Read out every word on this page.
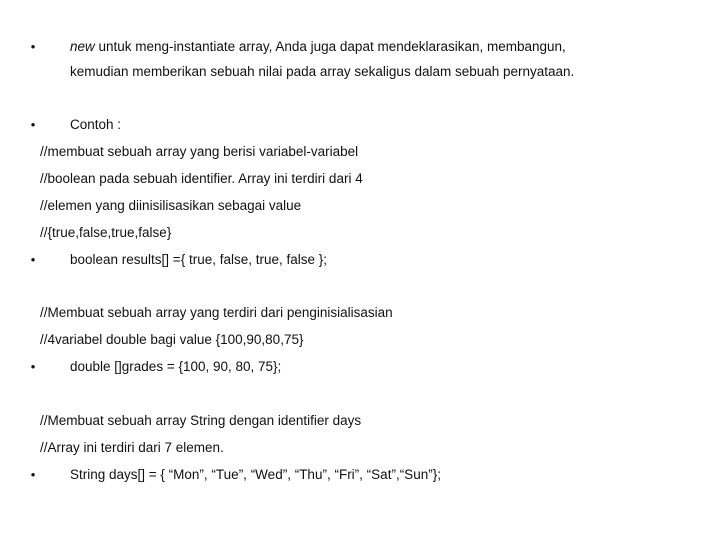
•	new untuk meng-instantiate array, Anda juga dapat mendeklarasikan, membangun,
kemudian memberikan sebuah nilai pada array sekaligus dalam sebuah pernyataan.
•	Contoh :
//membuat sebuah array yang berisi variabel-variabel
//boolean pada sebuah identifier. Array ini terdiri dari 4
//elemen yang diinisilisasikan sebagai value
//{true,false,true,false}
•	boolean results[] ={ true, false, true, false };
//Membuat sebuah array yang terdiri dari penginisialisasian
//4variabel double bagi value {100,90,80,75}
•	double []grades = {100, 90, 80, 75};
//Membuat sebuah array String dengan identifier days
//Array ini terdiri dari 7 elemen.
•	String days[] = { “Mon”, “Tue”, “Wed”, “Thu”, “Fri”, “Sat”,“Sun”};
